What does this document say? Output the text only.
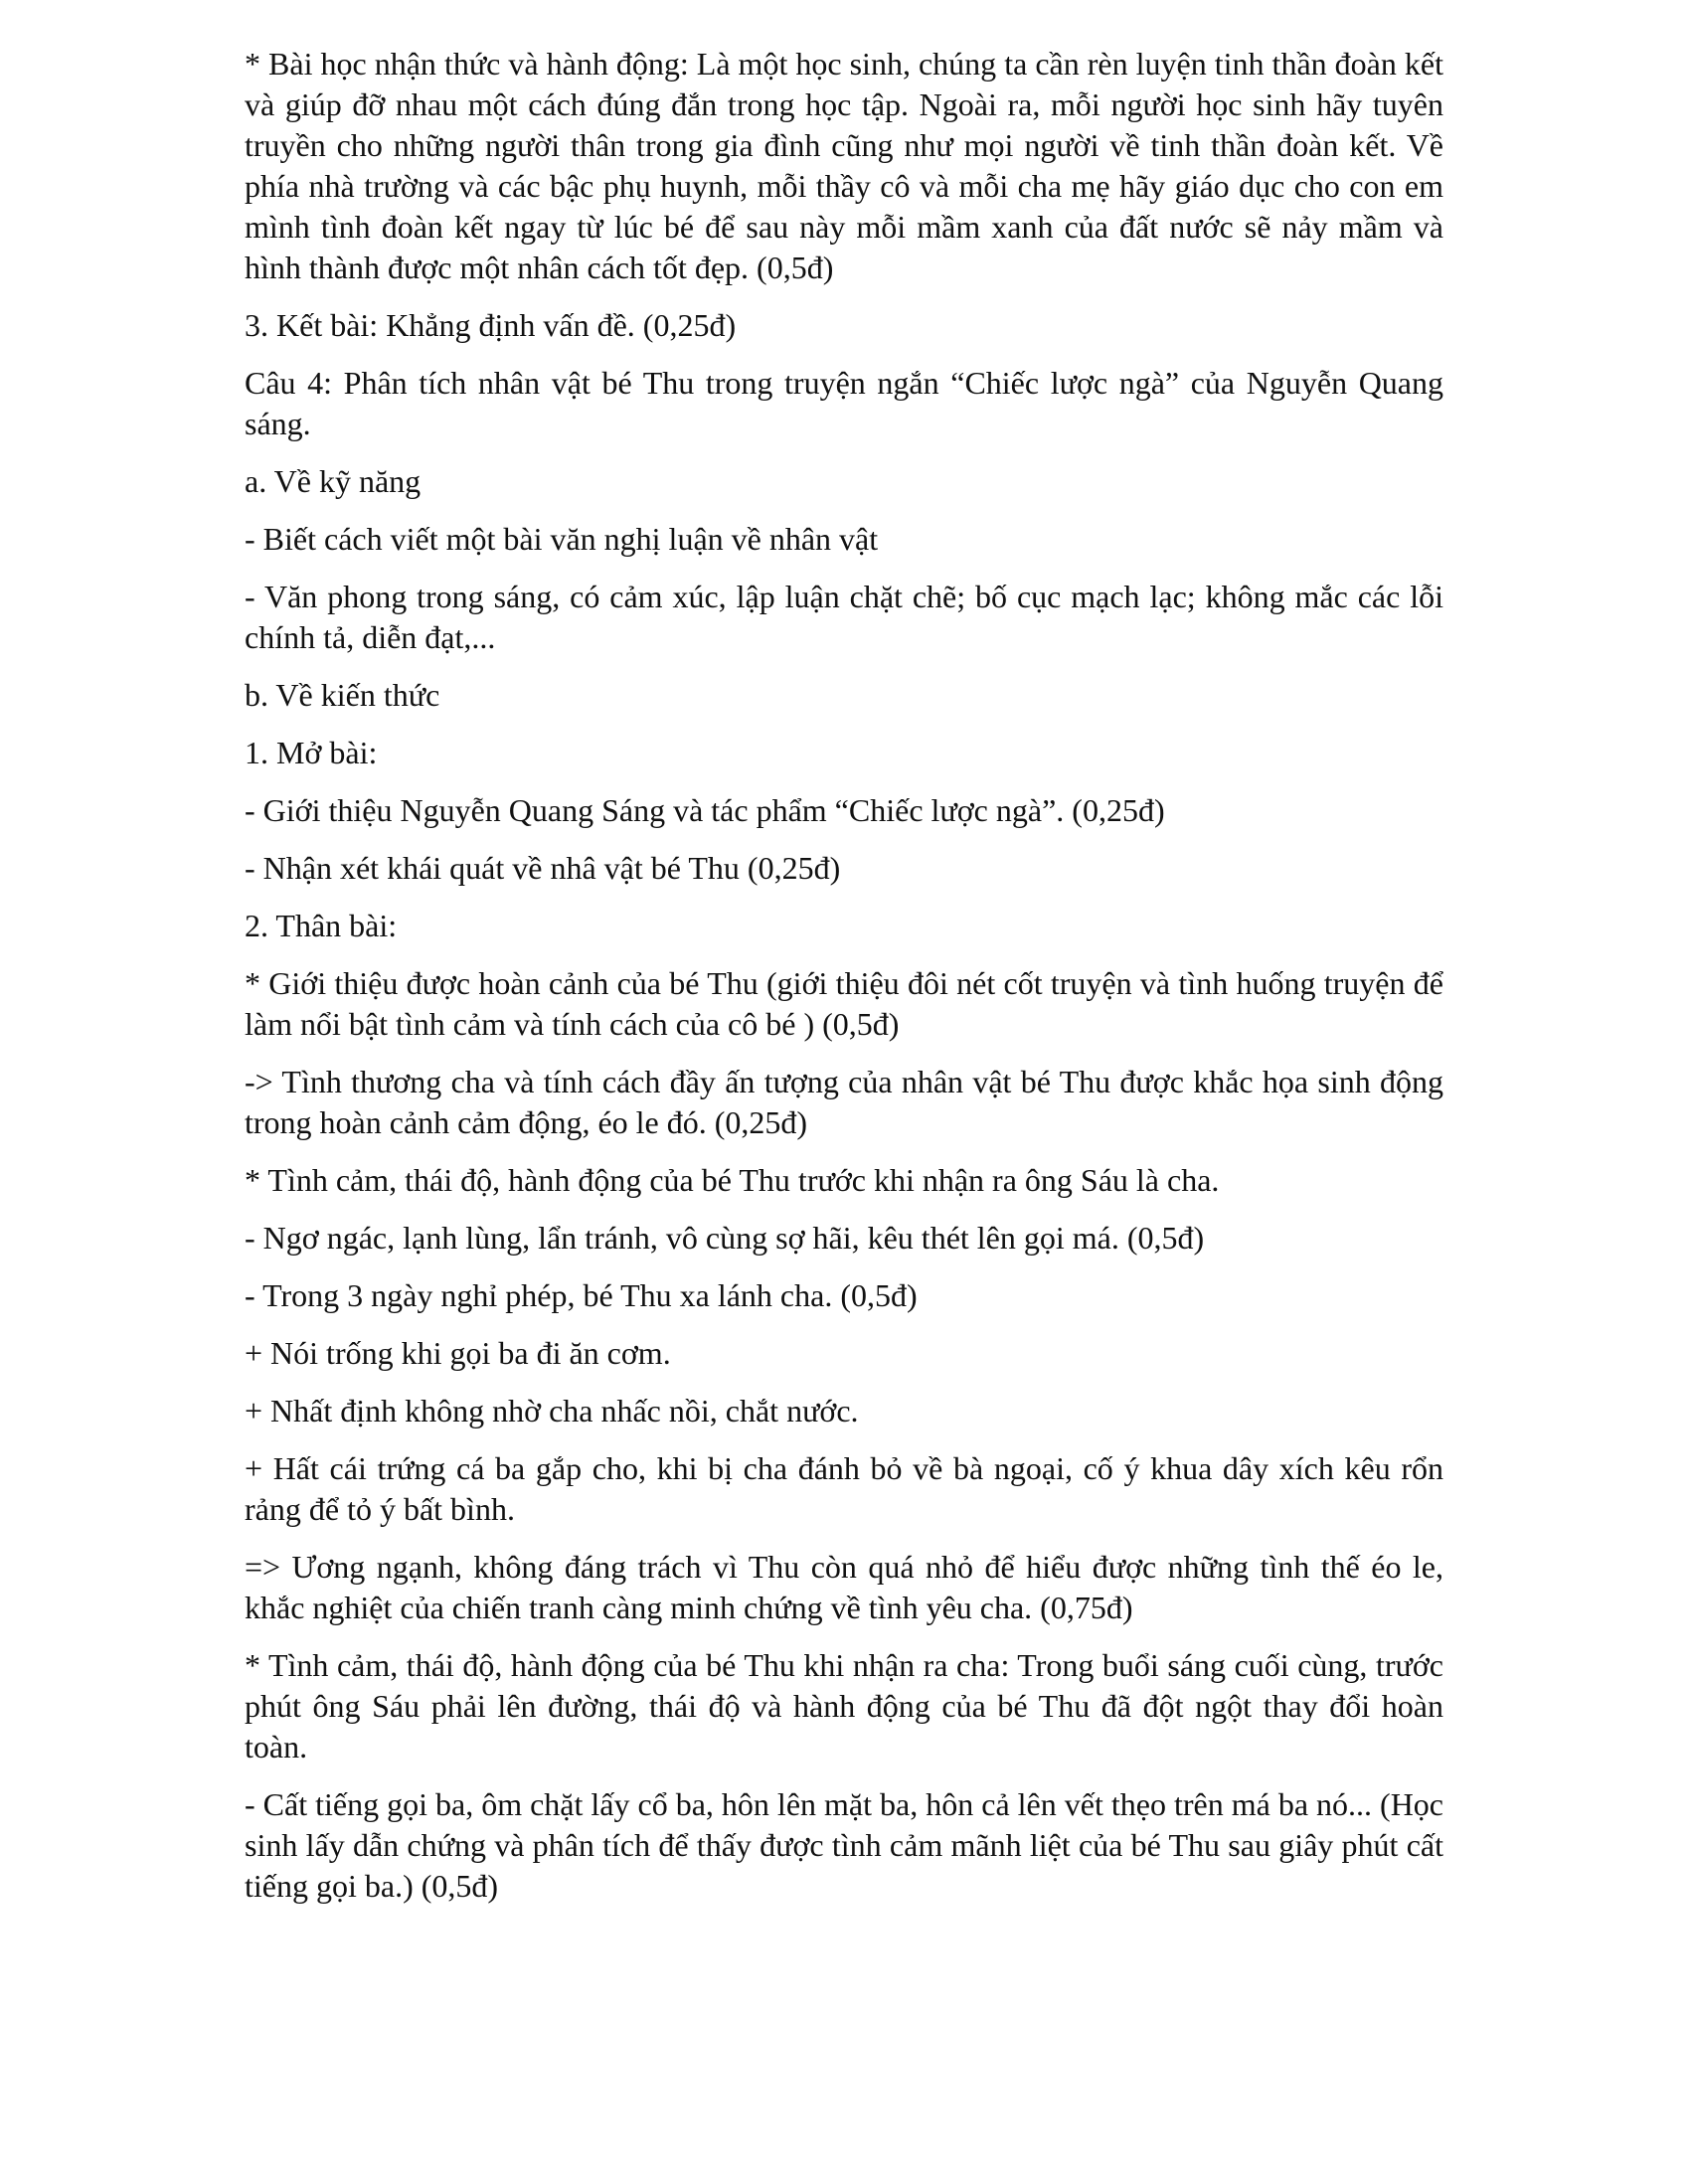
* Bài học nhận thức và hành động: Là một học sinh, chúng ta cần rèn luyện tinh thần đoàn kết và giúp đỡ nhau một cách đúng đắn trong học tập. Ngoài ra, mỗi người học sinh hãy tuyên truyền cho những người thân trong gia đình cũng như mọi người về tinh thần đoàn kết. Về phía nhà trường và các bậc phụ huynh, mỗi thầy cô và mỗi cha mẹ hãy giáo dục cho con em mình tình đoàn kết ngay từ lúc bé để sau này mỗi mầm xanh của đất nước sẽ nảy mầm và hình thành được một nhân cách tốt đẹp. (0,5đ)

3. Kết bài: Khẳng định vấn đề. (0,25đ)

Câu 4: Phân tích nhân vật bé Thu trong truyện ngắn “Chiếc lược ngà” của Nguyễn Quang sáng.

a. Về kỹ năng

- Biết cách viết một bài văn nghị luận về nhân vật

- Văn phong trong sáng, có cảm xúc, lập luận chặt chẽ; bố cục mạch lạc; không mắc các lỗi chính tả, diễn đạt,...

b. Về kiến thức

1. Mở bài:

- Giới thiệu Nguyễn Quang Sáng và tác phẩm “Chiếc lược ngà”. (0,25đ)

- Nhận xét khái quát về nhâ vật bé Thu (0,25đ)

2. Thân bài:

* Giới thiệu được hoàn cảnh của bé Thu (giới thiệu đôi nét cốt truyện và tình huống truyện để làm nổi bật tình cảm và tính cách của cô bé ) (0,5đ)

-> Tình thương cha và tính cách đầy ấn tượng của nhân vật bé Thu được khắc họa sinh động trong hoàn cảnh cảm động, éo le đó. (0,25đ)

* Tình cảm, thái độ, hành động của bé Thu trước khi nhận ra ông Sáu là cha.

- Ngơ ngác, lạnh lùng, lẩn tránh, vô cùng sợ hãi, kêu thét lên gọi má. (0,5đ)

- Trong 3 ngày nghỉ phép, bé Thu xa lánh cha. (0,5đ)

+ Nói trống khi gọi ba đi ăn cơm.

+ Nhất định không nhờ cha nhấc nồi, chắt nước.

+ Hất cái trứng cá ba gắp cho, khi bị cha đánh bỏ về bà ngoại, cố ý khua dây xích kêu rổn rảng để tỏ ý bất bình.

=> Ương ngạnh, không đáng trách vì Thu còn quá nhỏ để hiểu được những tình thế éo le, khắc nghiệt của chiến tranh càng minh chứng về tình yêu cha. (0,75đ)

* Tình cảm, thái độ, hành động của bé Thu khi nhận ra cha: Trong buổi sáng cuối cùng, trước phút ông Sáu phải lên đường, thái độ và hành động của bé Thu đã đột ngột thay đổi hoàn toàn.

- Cất tiếng gọi ba, ôm chặt lấy cổ ba, hôn lên mặt ba, hôn cả lên vết thẹo trên má ba nó... (Học sinh lấy dẫn chứng và phân tích để thấy được tình cảm mãnh liệt của bé Thu sau giây phút cất tiếng gọi ba.) (0,5đ)
